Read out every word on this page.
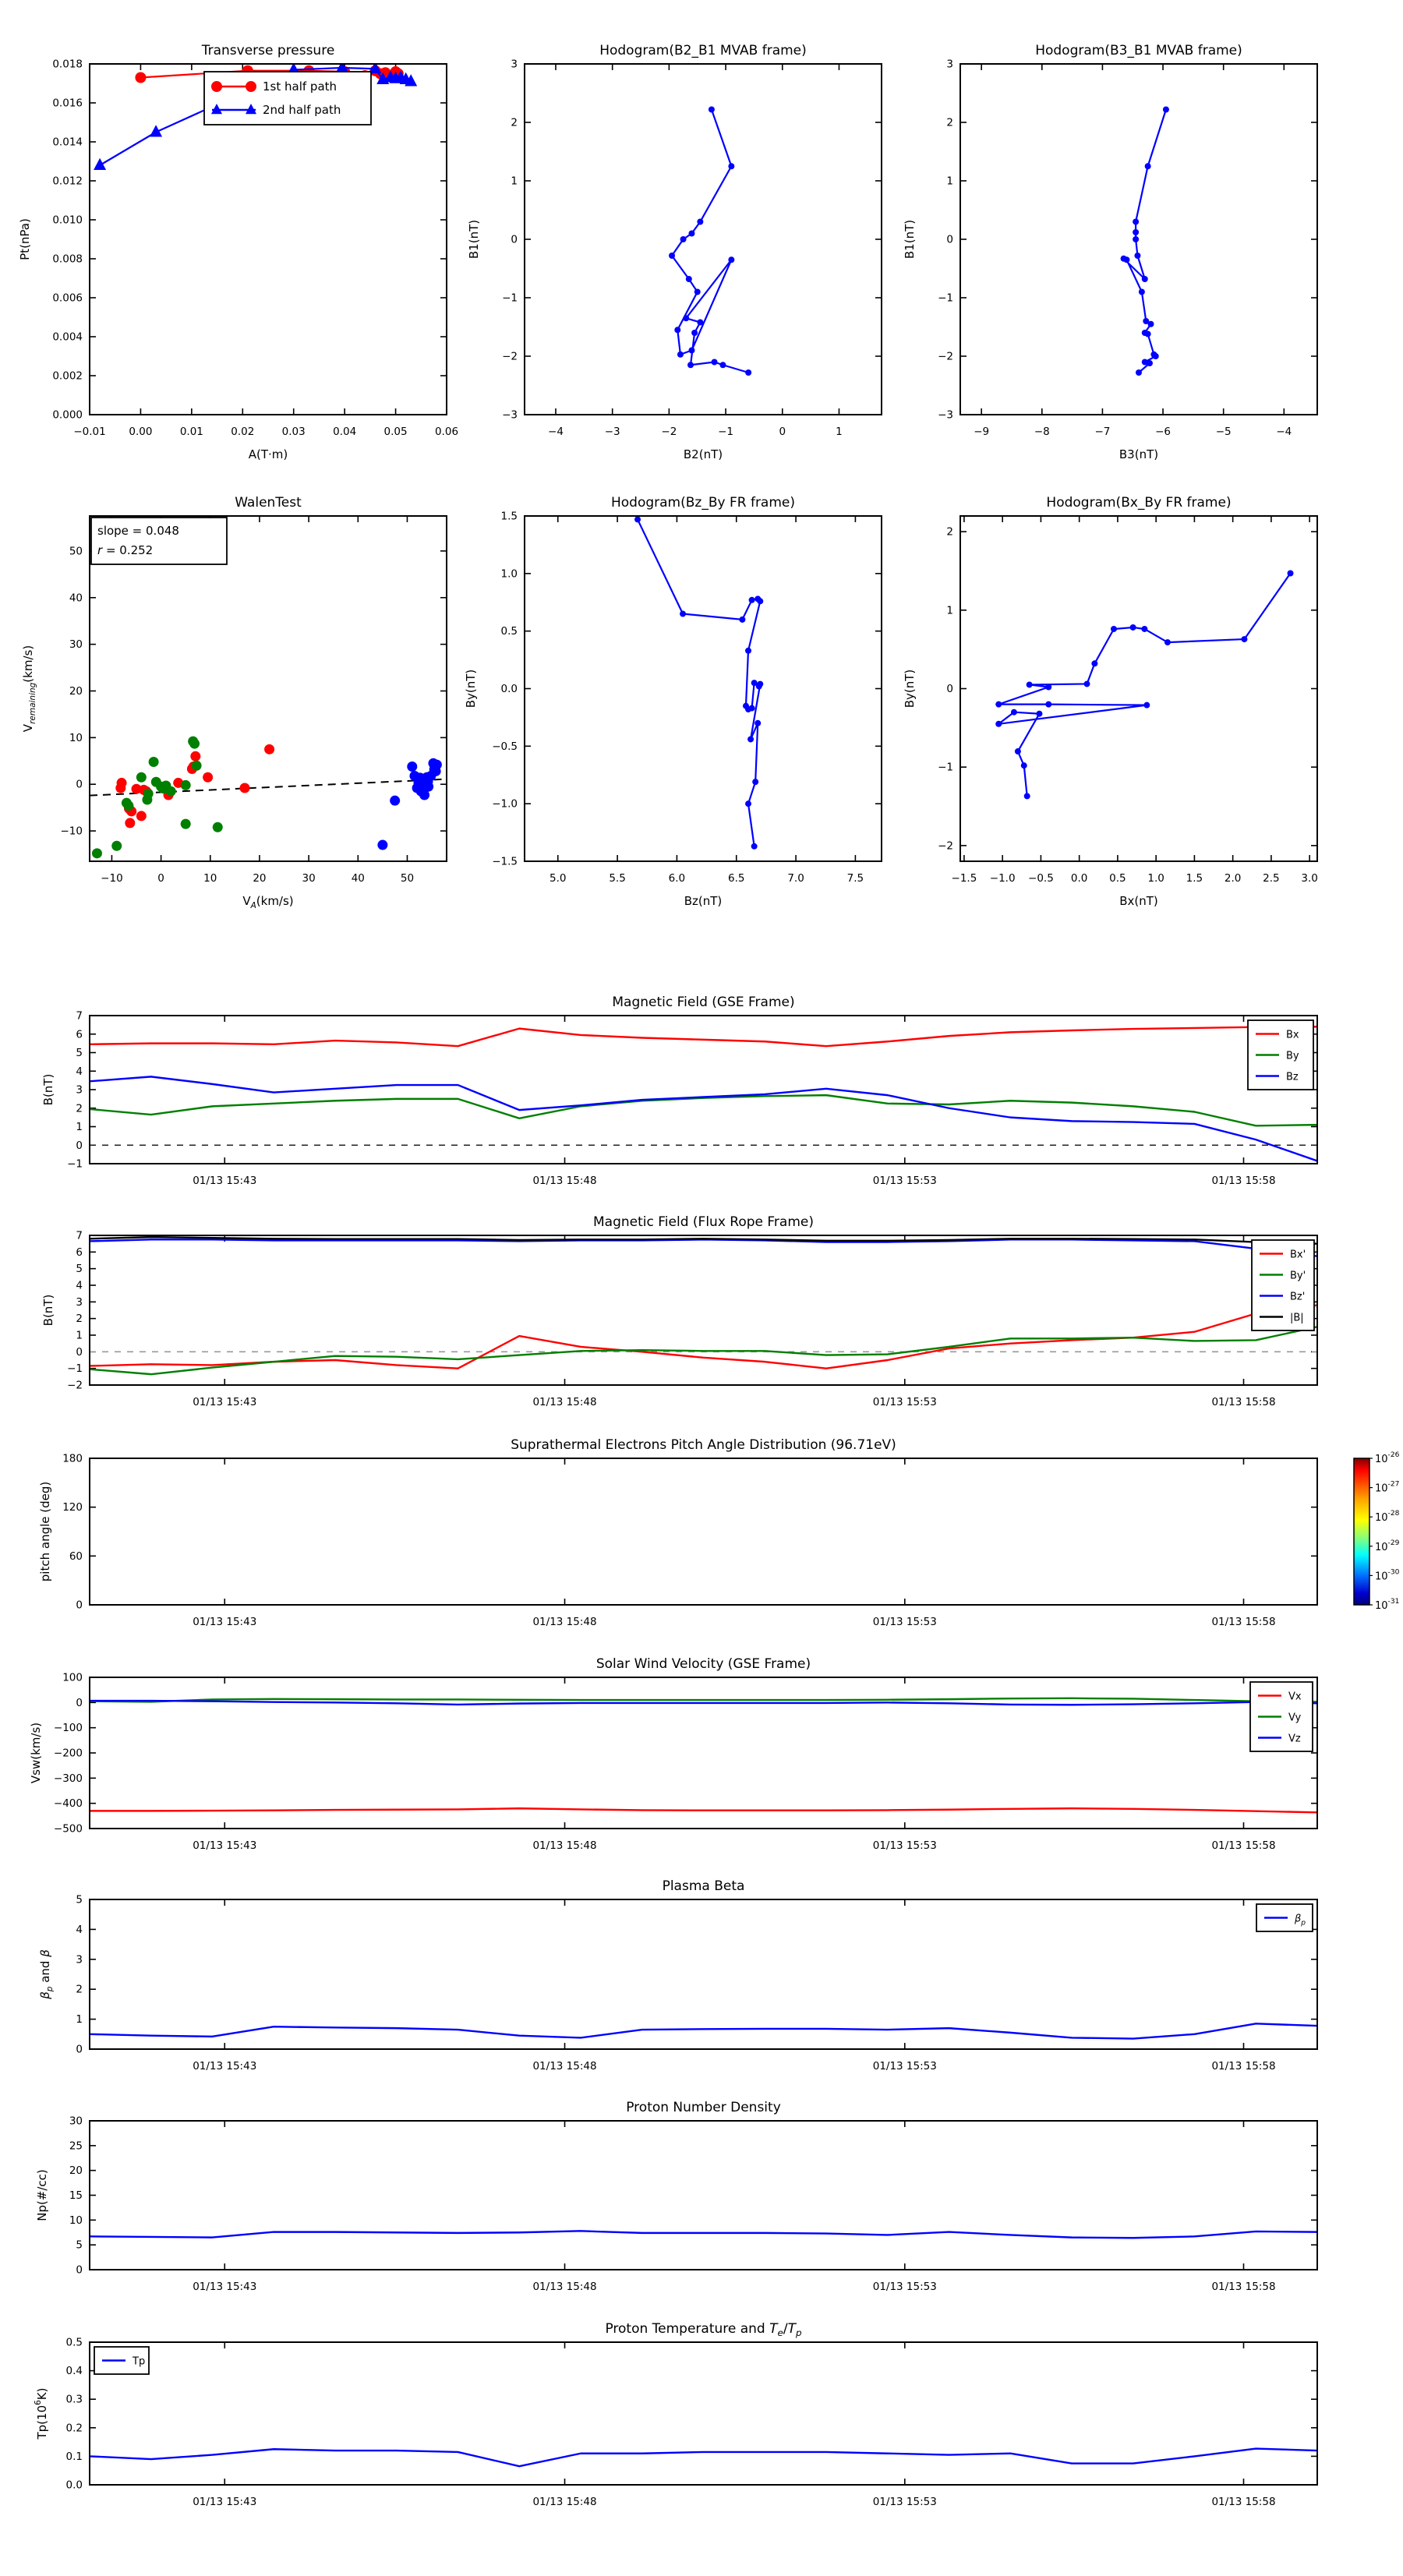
Transverse pressure
−0.01 0.00	0.01	0.02	0.03	0.04	0.05	0.06
0.000
0.002
0.004
0.006
0.008
0.010
0.012
0.014
0.016
0.018
A(T·m)
Pt(nPa)
1st half path
2nd half path
Hodogram(B2_B1 MVAB frame)
−4	−3	−2	−1	0	1
−3
−2
−1
0
1
2
3
B2(nT)
B1(nT)
Hodogram(B3_B1 MVAB frame)
−9	−8	−7	−6	−5	−4
−3
−2
−1
0
1
2
3
B3(nT)
B1(nT)
WalenTest
−10	0	10	20	30	40	50
−10
0
10
20
30
40
50
$V_A(km/s)$
$V_{remaining}(km/s)$
slope = 0.048
r = 0.252
Hodogram(Bz_By FR frame)
5.0	5.5	6.0	6.5	7.0	7.5
−1.5
−1.0
−0.5
0.0
0.5
1.0
1.5
Bz(nT)
By(nT)
Hodogram(Bx_By FR frame)
−1.5 −1.0 −0.5 0.0 0.5 1.0 1.5 2.0 2.5 3.0
−2
−1
0
1
2
Bx(nT)
By(nT)
Magnetic Field (GSE Frame)
01/13 15:43	01/13 15:48	01/13 15:53	01/13 15:58
−1
0
1
2
3
4
5
6
7
B(nT)
Bx
By
Bz
Magnetic Field (Flux Rope Frame)
01/13 15:43	01/13 15:48	01/13 15:53	01/13 15:58
−2
−1
0
1
2
3
4
5
6
7
B(nT)
Bx'
By'
Bz'
|B|
Suprathermal Electrons Pitch Angle Distribution (96.71eV)
01/13 15:43	01/13 15:48	01/13 15:53	01/13 15:58
0
60
120
180
pitch angle (deg)
$10^{-26}$
$10^{-27}$
$10^{-28}$
$10^{-29}$
$10^{-30}$
$10^{-31}$
Solar Wind Velocity (GSE Frame)
01/13 15:43	01/13 15:48	01/13 15:53	01/13 15:58
−500
−400
−300
−200
−100
0
100
Vsw(km/s)
Vx
Vy
Vz
Plasma Beta
01/13 15:43	01/13 15:48	01/13 15:53	01/13 15:58
0
1
2
3
4
5
$\beta_p$ and β
$\beta_p$
Proton Number Density
01/13 15:43	01/13 15:48	01/13 15:53	01/13 15:58
0
5
10
15
20
25
30
Np(#/cc)
Proton Temperature and $T_e/T_p$
01/13 15:43	01/13 15:48	01/13 15:53	01/13 15:58
0.0
0.1
0.2
0.3
0.4
0.5
$Tp(10^6K)$
Tp
